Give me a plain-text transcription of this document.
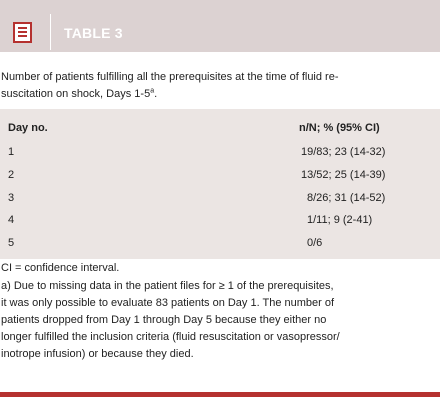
TABLE 3
Number of patients fulfilling all the prerequisites at the time of fluid re-
suscitation on shock, Days 1-5$^a$.
Day no.	n/N; % (95% CI)
1	19/83; 23 (14-32)
2	13/52; 25 (14-39)
3	8/26; 31 (14-52)
4	1/11; 9 (2-41)
5	0/6
CI = confidence interval.
a) Due to missing data in the patient files for ≥ 1 of the prerequisites,
it was only possible to evaluate 83 patients on Day 1. The number of
patients dropped from Day 1 through Day 5 because they either no
longer fulfilled the inclusion criteria (fluid resuscitation or vasopressor/
inotrope infusion) or because they died.
